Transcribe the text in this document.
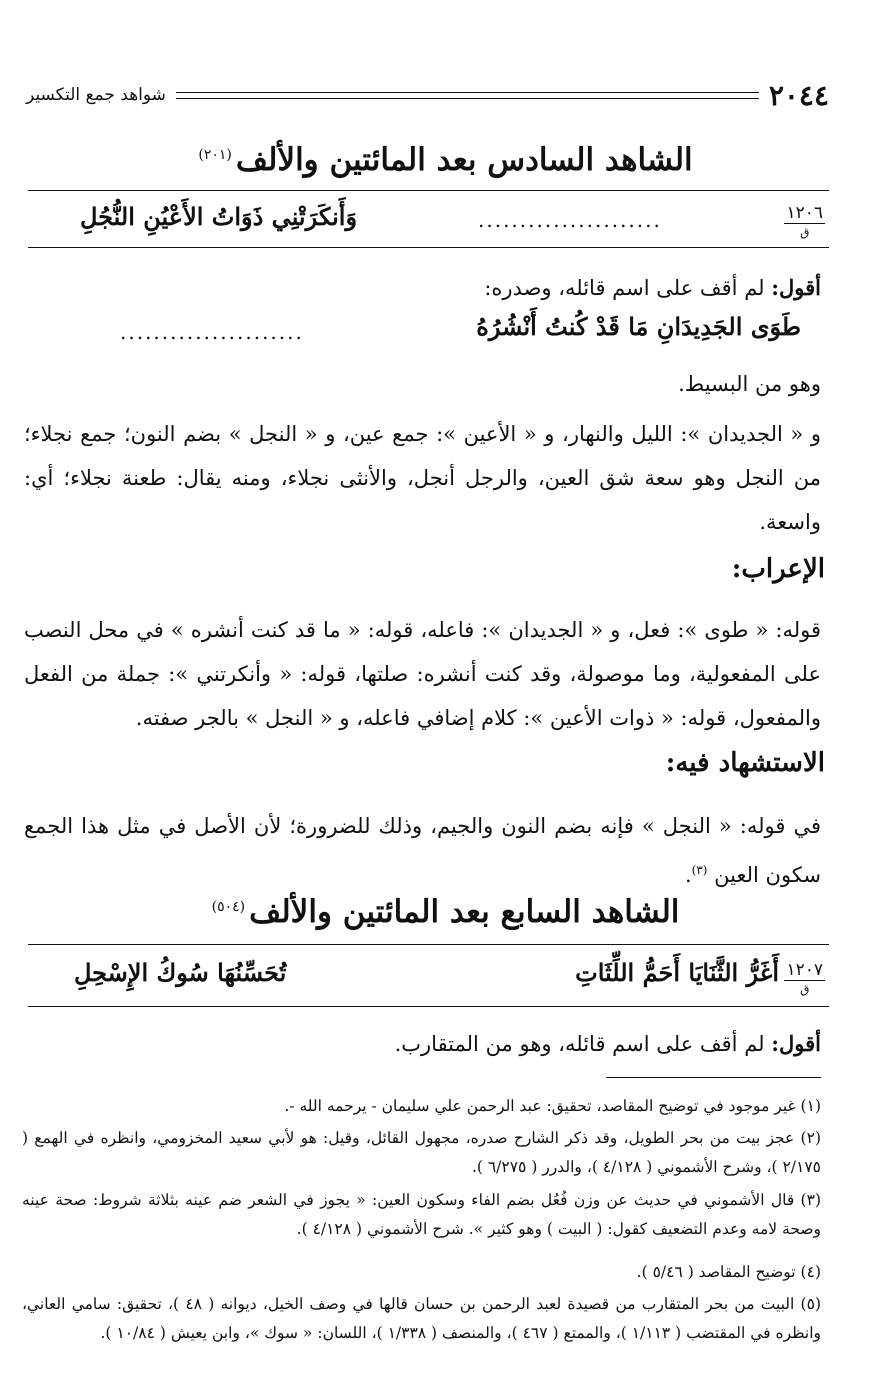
٢٠٤٤
شواهد جمع التكسير
الشاهد السادس بعد المائتين والألف$^{(٢٠١)}$
١٢٠٦
ق
وَأَنكَرَتْنِي ذَوَاتُ الأَعْيُنِ النُّجُلِ	......................
أقول: لم أقف على اسم قائله، وصدره:
طَوَى الجَدِيدَانِ مَا قَدْ كُنتُ أَنْشُرُهُ
......................
وهو من البسيط.
و « الجديدان »: الليل والنهار، و « الأعين »: جمع عين، و « النجل » بضم النون؛ جمع نجلاء؛ من النجل وهو سعة شق العين، والرجل أنجل، والأنثى نجلاء، ومنه يقال: طعنة نجلاء؛ أي: واسعة.
الإعراب:
قوله: « طوى »: فعل، و « الجديدان »: فاعله، قوله: « ما قد كنت أنشره » في محل النصب على المفعولية، وما موصولة، وقد كنت أنشره: صلتها، قوله: « وأنكرتني »: جملة من الفعل والمفعول، قوله: « ذوات الأعين »: كلام إضافي فاعله، و « النجل » بالجر صفته.
الاستشهاد فيه:
في قوله: « النجل » فإنه بضم النون والجيم، وذلك للضرورة؛ لأن الأصل في مثل هذا الجمع سكون العين $^{(٣)}$.
الشاهد السابع بعد المائتين والألف$^{(٥٠٤)}$
١٢٠٧
ق
أَغَرُّ الثَّنَايَا أَحَمُّ اللِّثَاتِ
تُحَسِّنُهَا سُوكُ الإِسْحِلِ
أقول: لم أقف على اسم قائله، وهو من المتقارب.
(١) غير موجود في توضيح المقاصد، تحقيق: عبد الرحمن علي سليمان - يرحمه الله -.
(٢) عجز بيت من بحر الطويل، وقد ذكر الشارح صدره، مجهول القائل، وقيل: هو لأبي سعيد المخزومي، وانظره في الهمع ( ٢/١٧٥ )، وشرح الأشموني ( ٤/١٢٨ )، والدرر ( ٦/٢٧٥ ).
(٣) قال الأشموني في حديث عن وزن فُعُل بضم الفاء وسكون العين: « يجوز في الشعر ضم عينه بثلاثة شروط: صحة عينه وصحة لامه وعدم التضعيف كقول: ( البيت ) وهو كثير ». شرح الأشموني ( ٤/١٢٨ ).
(٤) توضيح المقاصد ( ٥/٤٦ ).
(٥) البيت من بحر المتقارب من قصيدة لعبد الرحمن بن حسان قالها في وصف الخيل، ديوانه ( ٤٨ )، تحقيق: سامي العاني، وانظره في المقتضب ( ١/١١٣ )، والممتع ( ٤٦٧ )، والمنصف ( ١/٣٣٨ )، اللسان: « سوك »، وابن يعيش ( ١٠/٨٤ ).
